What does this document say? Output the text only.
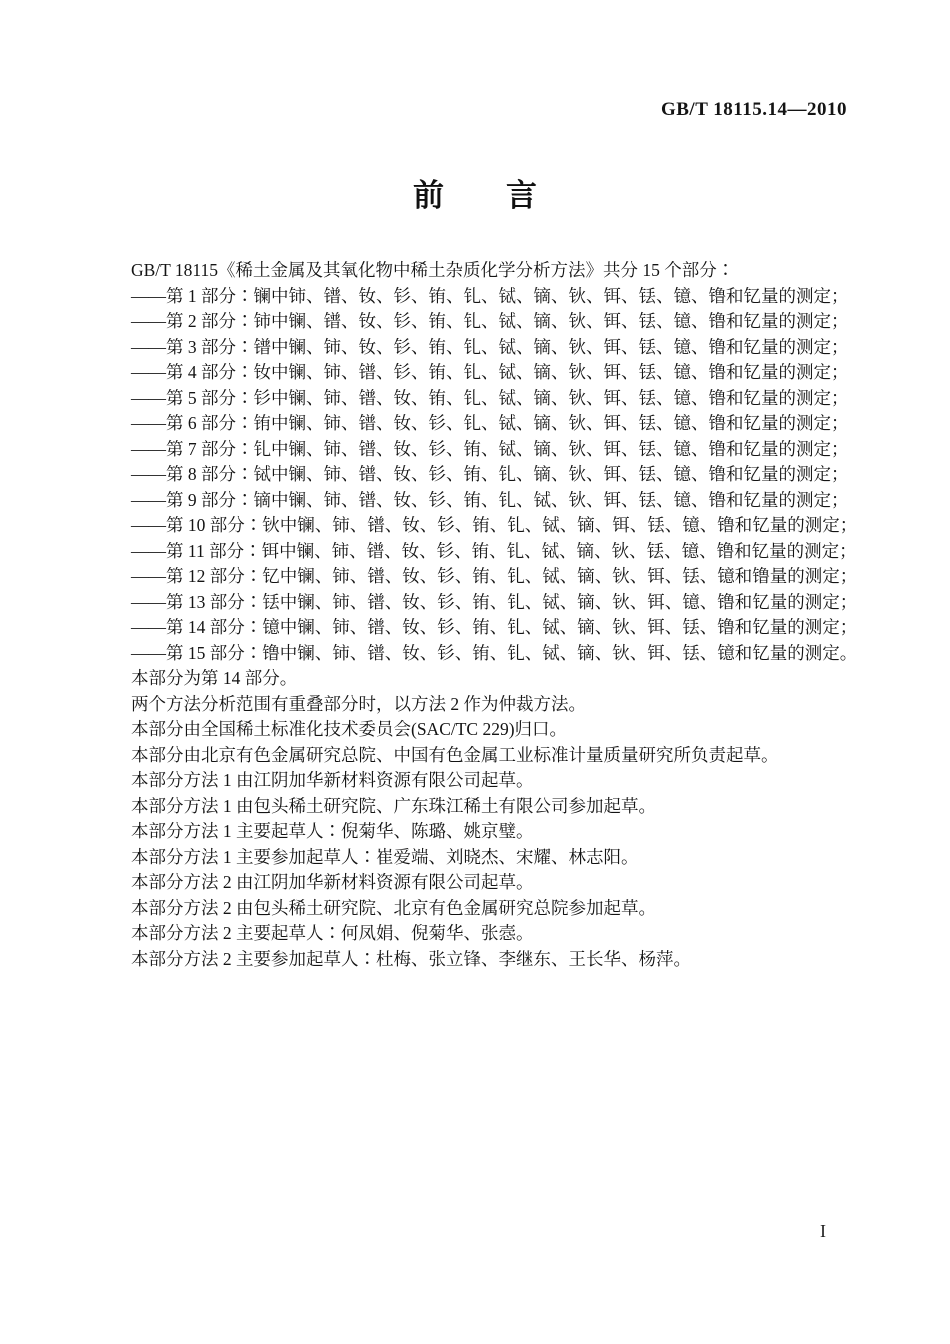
GB/T 18115.14—2010
前　　言

GB/T 18115《稀土金属及其氧化物中稀土杂质化学分析方法》共分 15 个部分∶

——第 1 部分∶镧中铈、镨、钕、钐、铕、钆、铽、镝、钬、铒、铥、镱、镥和钇量的测定；

——第 2 部分∶铈中镧、镨、钕、钐、铕、钆、铽、镝、钬、铒、铥、镱、镥和钇量的测定；

——第 3 部分∶镨中镧、铈、钕、钐、铕、钆、铽、镝、钬、铒、铥、镱、镥和钇量的测定；

——第 4 部分∶钕中镧、铈、镨、钐、铕、钆、铽、镝、钬、铒、铥、镱、镥和钇量的测定；

——第 5 部分∶钐中镧、铈、镨、钕、铕、钆、铽、镝、钬、铒、铥、镱、镥和钇量的测定；

——第 6 部分∶铕中镧、铈、镨、钕、钐、钆、铽、镝、钬、铒、铥、镱、镥和钇量的测定；

——第 7 部分∶钆中镧、铈、镨、钕、钐、铕、铽、镝、钬、铒、铥、镱、镥和钇量的测定；

——第 8 部分∶铽中镧、铈、镨、钕、钐、铕、钆、镝、钬、铒、铥、镱、镥和钇量的测定；

——第 9 部分∶镝中镧、铈、镨、钕、钐、铕、钆、铽、钬、铒、铥、镱、镥和钇量的测定；

——第 10 部分∶钬中镧、铈、镨、钕、钐、铕、钆、铽、镝、铒、铥、镱、镥和钇量的测定；

——第 11 部分∶铒中镧、铈、镨、钕、钐、铕、钆、铽、镝、钬、铥、镱、镥和钇量的测定；

——第 12 部分∶钇中镧、铈、镨、钕、钐、铕、钆、铽、镝、钬、铒、铥、镱和镥量的测定；

——第 13 部分∶铥中镧、铈、镨、钕、钐、铕、钆、铽、镝、钬、铒、镱、镥和钇量的测定；

——第 14 部分∶镱中镧、铈、镨、钕、钐、铕、钆、铽、镝、钬、铒、铥、镥和钇量的测定；

——第 15 部分∶镥中镧、铈、镨、钕、钐、铕、钆、铽、镝、钬、铒、铥、镱和钇量的测定。

本部分为第 14 部分。

两个方法分析范围有重叠部分时，以方法 2 作为仲裁方法。

本部分由全国稀土标准化技术委员会(SAC/TC 229)归口。

本部分由北京有色金属研究总院、中国有色金属工业标准计量质量研究所负责起草。

本部分方法 1 由江阴加华新材料资源有限公司起草。

本部分方法 1 由包头稀土研究院、广东珠江稀土有限公司参加起草。

本部分方法 1 主要起草人∶倪菊华、陈璐、姚京璧。

本部分方法 1 主要参加起草人∶崔爱端、刘晓杰、宋耀、林志阳。

本部分方法 2 由江阴加华新材料资源有限公司起草。

本部分方法 2 由包头稀土研究院、北京有色金属研究总院参加起草。

本部分方法 2 主要起草人∶何凤娟、倪菊华、张悫。

本部分方法 2 主要参加起草人∶杜梅、张立锋、李继东、王长华、杨萍。

I
